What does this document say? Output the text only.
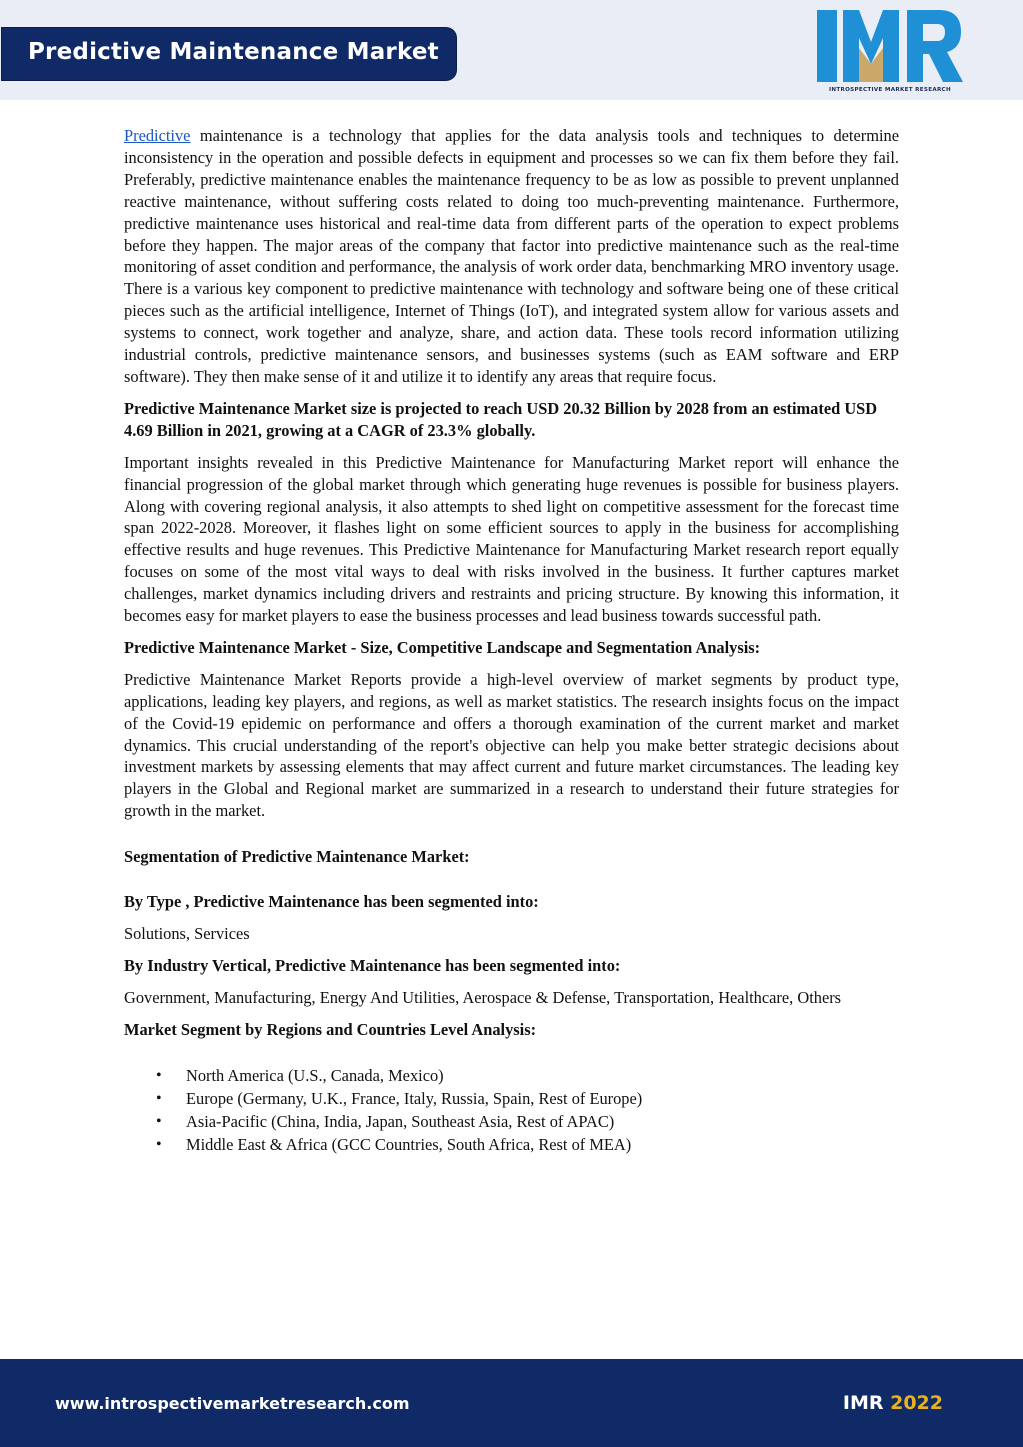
Predictive Maintenance Market
INTROSPECTIVE MARKET RESEARCH

Predictive maintenance is a technology that applies for the data analysis tools and techniques to determine inconsistency in the operation and possible defects in equipment and processes so we can fix them before they fail. Preferably, predictive maintenance enables the maintenance frequency to be as low as possible to prevent unplanned reactive maintenance, without suffering costs related to doing too much-preventing maintenance. Furthermore, predictive maintenance uses historical and real-time data from different parts of the operation to expect problems before they happen. The major areas of the company that factor into predictive maintenance such as the real-time monitoring of asset condition and performance, the analysis of work order data, benchmarking MRO inventory usage. There is a various key component to predictive maintenance with technology and software being one of these critical pieces such as the artificial intelligence, Internet of Things (IoT), and integrated system allow for various assets and systems to connect, work together and analyze, share, and action data. These tools record information utilizing industrial controls, predictive maintenance sensors, and businesses systems (such as EAM software and ERP software). They then make sense of it and utilize it to identify any areas that require focus.

Predictive Maintenance Market size is projected to reach USD 20.32 Billion by 2028 from an estimated USD 4.69 Billion in 2021, growing at a CAGR of 23.3% globally.

Important insights revealed in this Predictive Maintenance for Manufacturing Market report will enhance the financial progression of the global market through which generating huge revenues is possible for business players. Along with covering regional analysis, it also attempts to shed light on competitive assessment for the forecast time span 2022-2028. Moreover, it flashes light on some efficient sources to apply in the business for accomplishing effective results and huge revenues. This Predictive Maintenance for Manufacturing Market research report equally focuses on some of the most vital ways to deal with risks involved in the business. It further captures market challenges, market dynamics including drivers and restraints and pricing structure. By knowing this information, it becomes easy for market players to ease the business processes and lead business towards successful path.

Predictive Maintenance Market - Size, Competitive Landscape and Segmentation Analysis:

Predictive Maintenance Market Reports provide a high-level overview of market segments by product type, applications, leading key players, and regions, as well as market statistics. The research insights focus on the impact of the Covid-19 epidemic on performance and offers a thorough examination of the current market and market dynamics. This crucial understanding of the report's objective can help you make better strategic decisions about investment markets by assessing elements that may affect current and future market circumstances. The leading key players in the Global and Regional market are summarized in a research to understand their future strategies for growth in the market.

Segmentation of Predictive Maintenance Market:

By Type , Predictive Maintenance has been segmented into:

Solutions, Services

By Industry Vertical, Predictive Maintenance has been segmented into:

Government, Manufacturing, Energy And Utilities, Aerospace & Defense, Transportation, Healthcare, Others

Market Segment by Regions and Countries Level Analysis:

• North America (U.S., Canada, Mexico)
• Europe (Germany, U.K., France, Italy, Russia, Spain, Rest of Europe)
• Asia-Pacific (China, India, Japan, Southeast Asia, Rest of APAC)
• Middle East & Africa (GCC Countries, South Africa, Rest of MEA)
www.introspectivemarketresearch.com	IMR 2022
